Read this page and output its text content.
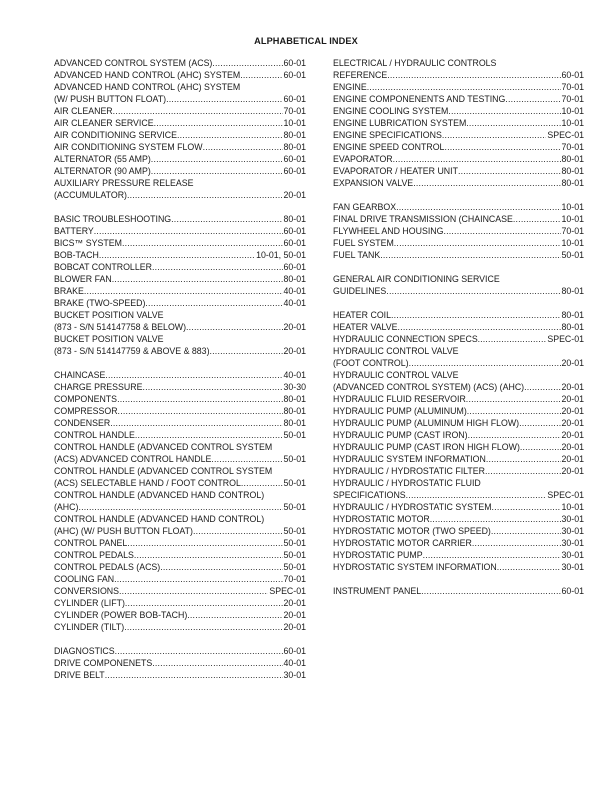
ALPHABETICAL INDEX
ADVANCED CONTROL SYSTEM (ACS) .....	60-01
ADVANCED HAND CONTROL (AHC) SYSTEM .....	60-01
ADVANCED HAND CONTROL (AHC) SYSTEM
(W/ PUSH BUTTON FLOAT) .....	60-01
AIR CLEANER .....	70-01
AIR CLEANER SERVICE .....	10-01
AIR CONDITIONING SERVICE .....	80-01
AIR CONDITIONING SYSTEM FLOW .....	80-01
ALTERNATOR (55 AMP) .....	60-01
ALTERNATOR (90 AMP) .....	60-01
AUXILIARY PRESSURE RELEASE
(ACCUMULATOR) .....	20-01
BASIC TROUBLESHOOTING .....	80-01
BATTERY .....	60-01
BICS™ SYSTEM .....	60-01
BOB-TACH .....	10-01, 50-01
BOBCAT CONTROLLER .....	60-01
BLOWER FAN .....	80-01
BRAKE .....	40-01
BRAKE (TWO-SPEED) .....	40-01
BUCKET POSITION VALVE
(873 - S/N 514147758 & BELOW) .....	20-01
BUCKET POSITION VALVE
(873 - S/N 514147759 & ABOVE & 883) .....	20-01
CHAINCASE .....	40-01
CHARGE PRESSURE .....	30-30
COMPONENTS .....	80-01
COMPRESSOR .....	80-01
CONDENSER .....	80-01
CONTROL HANDLE .....	50-01
CONTROL HANDLE (ADVANCED CONTROL SYSTEM
(ACS) ADVANCED CONTROL HANDLE .....	50-01
CONTROL HANDLE (ADVANCED CONTROL SYSTEM
(ACS) SELECTABLE HAND / FOOT CONTROL .....	50-01
CONTROL HANDLE (ADVANCED HAND CONTROL)
(AHC) .....	50-01
CONTROL HANDLE (ADVANCED HAND CONTROL)
(AHC) (W/ PUSH BUTTON FLOAT) .....	50-01
CONTROL PANEL .....	50-01
CONTROL PEDALS .....	50-01
CONTROL PEDALS (ACS) .....	50-01
COOLING FAN .....	70-01
CONVERSIONS .....	SPEC-01
CYLINDER (LIFT) .....	20-01
CYLINDER (POWER BOB-TACH) .....	20-01
CYLINDER (TILT) .....	20-01
DIAGNOSTICS .....	60-01
DRIVE COMPONENETS .....	40-01
DRIVE BELT .....	30-01
ELECTRICAL / HYDRAULIC CONTROLS
REFERENCE .....	60-01
ENGINE .....	70-01
ENGINE COMPONENENTS AND TESTING .....	70-01
ENGINE COOLING SYSTEM .....	10-01
ENGINE LUBRICATION SYSTEM .....	10-01
ENGINE SPECIFICATIONS .....	SPEC-01
ENGINE SPEED CONTROL .....	70-01
EVAPORATOR .....	80-01
EVAPORATOR / HEATER UNIT .....	80-01
EXPANSION VALVE .....	80-01
FAN GEARBOX .....	10-01
FINAL DRIVE TRANSMISSION (CHAINCASE .....	10-01
FLYWHEEL AND HOUSING .....	70-01
FUEL SYSTEM .....	10-01
FUEL TANK .....	50-01
GENERAL AIR CONDITIONING SERVICE
GUIDELINES .....	80-01
HEATER COIL .....	80-01
HEATER VALVE .....	80-01
HYDRAULIC CONNECTION SPECS. .....	SPEC-01
HYDRAULIC CONTROL VALVE
(FOOT CONTROL) .....	20-01
HYDRAULIC CONTROL VALVE
(ADVANCED CONTROL SYSTEM) (ACS) (AHC) .....	20-01
HYDRAULIC FLUID RESERVOIR .....	20-01
HYDRAULIC PUMP (ALUMINUM) .....	20-01
HYDRAULIC PUMP (ALUMINUM HIGH FLOW) .....	20-01
HYDRAULIC PUMP (CAST IRON) .....	20-01
HYDRAULIC PUMP (CAST IRON HIGH FLOW) .....	20-01
HYDRAULIC SYSTEM INFORMATION .....	20-01
HYDRAULIC / HYDROSTATIC FILTER .....	20-01
HYDRAULIC / HYDROSTATIC FLUID
SPECIFICATIONS .....	SPEC-01
HYDRAULIC / HYDROSTATIC SYSTEM .....	10-01
HYDROSTATIC MOTOR .....	30-01
HYDROSTATIC MOTOR (TWO SPEED) .....	30-01
HYDROSTATIC MOTOR CARRIER .....	30-01
HYDROSTATIC PUMP .....	30-01
HYDROSTATIC SYSTEM INFORMATION .....	30-01
INSTRUMENT PANEL .....	60-01
